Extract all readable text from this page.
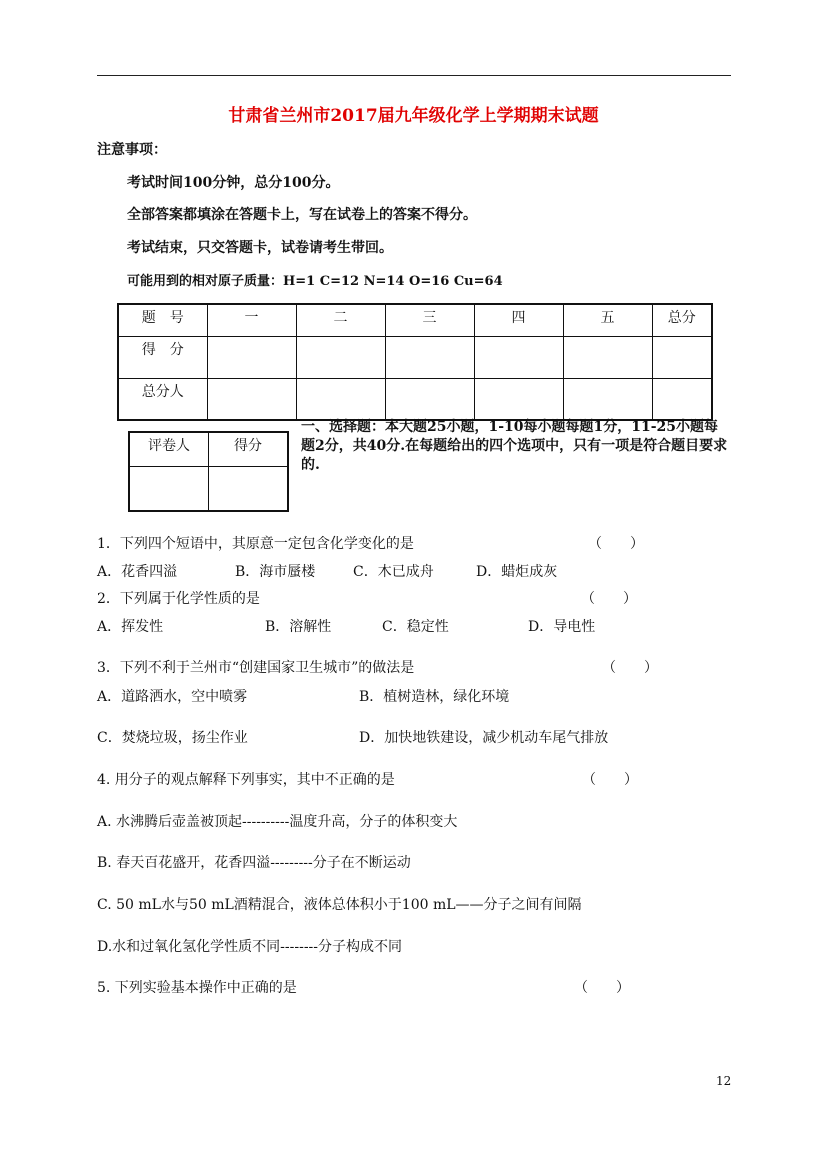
甘肃省兰州市2017届九年级化学上学期期末试题
注意事项：
考试时间100分钟，总分100分。
全部答案都填涂在答题卡上，写在试卷上的答案不得分。
考试结束，只交答题卡，试卷请考生带回。
可能用到的相对原子质量：H=1 C=12 N=14 O=16 Cu=64
题　号	一	二	三	四	五	总分
得　分						
总分人						
评卷人	得分

一、选择题：本大题25小题，1-10每小题每题1分，11-25小题每题2分，共40分.在每题给出的四个选项中，只有一项是符合题目要求的.
1．下列四个短语中，其原意一定包含化学变化的是	（　　）
A．花香四溢	B．海市蜃楼	C．木已成舟	D．蜡炬成灰
2．下列属于化学性质的是	（　　）
A．挥发性	B．溶解性	C．稳定性	D．导电性
3．下列不利于兰州市“创建国家卫生城市”的做法是	（　　）
A．道路洒水，空中喷雾	B．植树造林，绿化环境
C．焚烧垃圾，扬尘作业	D．加快地铁建设，减少机动车尾气排放
4. 用分子的观点解释下列事实，其中不正确的是	（　　）
A. 水沸腾后壶盖被顶起----------温度升高，分子的体积变大
B. 春天百花盛开，花香四溢---------分子在不断运动
C. 50 mL水与50 mL酒精混合，液体总体积小于100 mL——分子之间有间隔
D.水和过氧化氢化学性质不同--------分子构成不同
5. 下列实验基本操作中正确的是	（　　）
12
